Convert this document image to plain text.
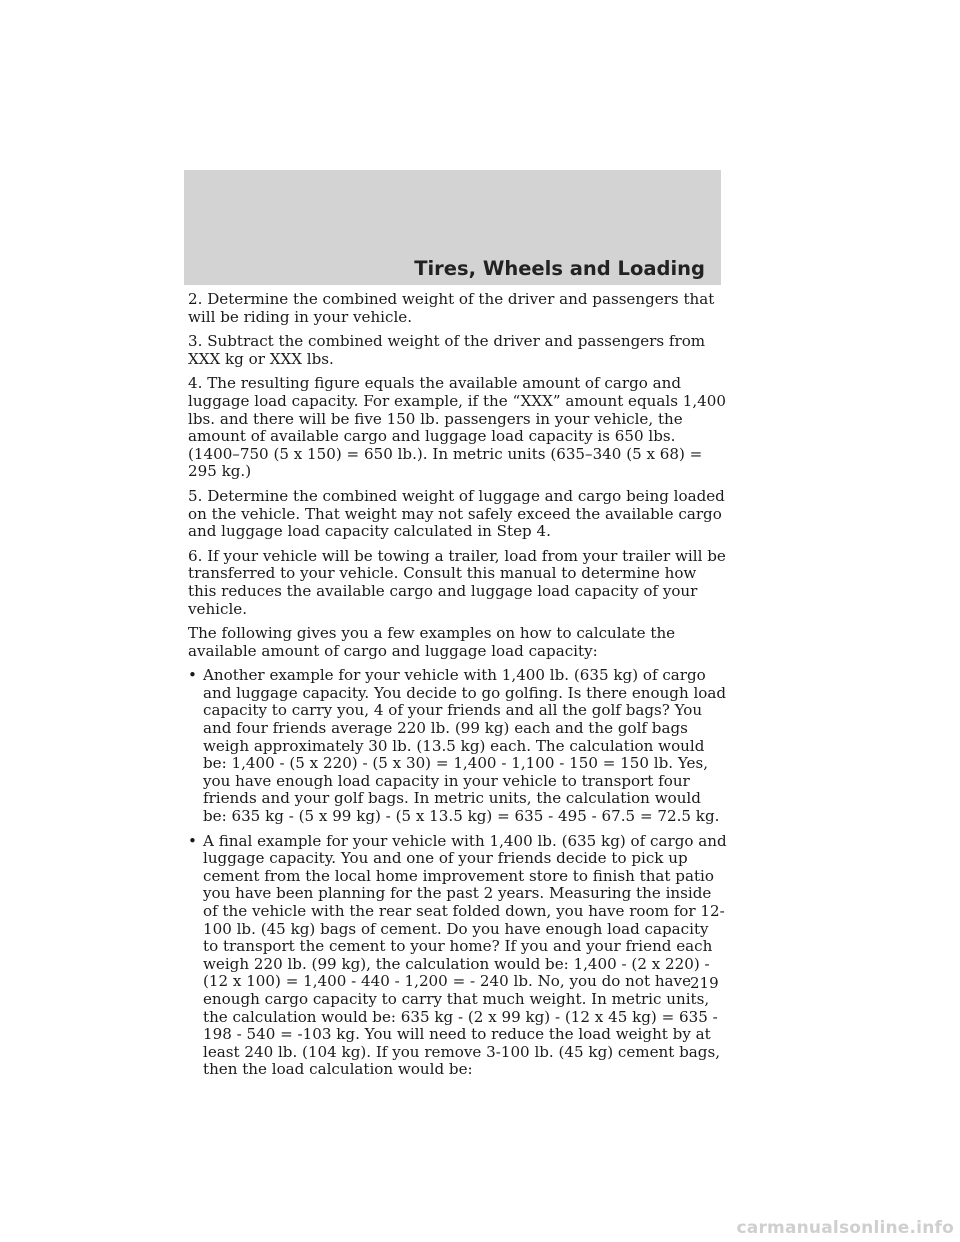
Tires, Wheels and Loading

2. Determine the combined weight of the driver and passengers that will be riding in your vehicle.

3. Subtract the combined weight of the driver and passengers from XXX kg or XXX lbs.

4. The resulting figure equals the available amount of cargo and luggage load capacity. For example, if the “XXX” amount equals 1,400 lbs. and there will be five 150 lb. passengers in your vehicle, the amount of available cargo and luggage load capacity is 650 lbs. (1400–750 (5 x 150) = 650 lb.). In metric units (635–340 (5 x 68) = 295 kg.)

5. Determine the combined weight of luggage and cargo being loaded on the vehicle. That weight may not safely exceed the available cargo and luggage load capacity calculated in Step 4.

6. If your vehicle will be towing a trailer, load from your trailer will be transferred to your vehicle. Consult this manual to determine how this reduces the available cargo and luggage load capacity of your vehicle.

The following gives you a few examples on how to calculate the available amount of cargo and luggage load capacity:

• Another example for your vehicle with 1,400 lb. (635 kg) of cargo and luggage capacity. You decide to go golfing. Is there enough load capacity to carry you, 4 of your friends and all the golf bags? You and four friends average 220 lb. (99 kg) each and the golf bags weigh approximately 30 lb. (13.5 kg) each. The calculation would be: 1,400 - (5 x 220) - (5 x 30) = 1,400 - 1,100 - 150 = 150 lb. Yes, you have enough load capacity in your vehicle to transport four friends and your golf bags. In metric units, the calculation would be: 635 kg - (5 x 99 kg) - (5 x 13.5 kg) = 635 - 495 - 67.5 = 72.5 kg.
• A final example for your vehicle with 1,400 lb. (635 kg) of cargo and luggage capacity. You and one of your friends decide to pick up cement from the local home improvement store to finish that patio you have been planning for the past 2 years. Measuring the inside of the vehicle with the rear seat folded down, you have room for 12-100 lb. (45 kg) bags of cement. Do you have enough load capacity to transport the cement to your home? If you and your friend each weigh 220 lb. (99 kg), the calculation would be: 1,400 - (2 x 220) - (12 x 100) = 1,400 - 440 - 1,200 = - 240 lb. No, you do not have enough cargo capacity to carry that much weight. In metric units, the calculation would be: 635 kg - (2 x 99 kg) - (12 x 45 kg) = 635 - 198 - 540 = -103 kg. You will need to reduce the load weight by at least 240 lb. (104 kg). If you remove 3-100 lb. (45 kg) cement bags, then the load calculation would be:
219
carmanualsonline.info
